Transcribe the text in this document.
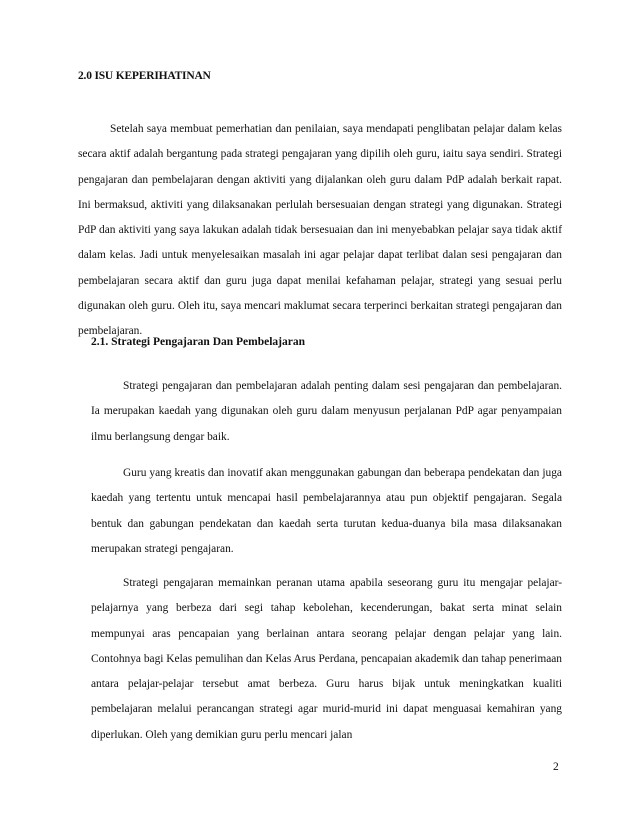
2.0 ISU KEPERIHATINAN

Setelah saya membuat pemerhatian dan penilaian, saya mendapati penglibatan pelajar dalam kelas secara aktif adalah bergantung pada strategi pengajaran yang dipilih oleh guru, iaitu saya sendiri. Strategi pengajaran dan pembelajaran dengan aktiviti yang dijalankan oleh guru dalam PdP adalah berkait rapat. Ini bermaksud, aktiviti yang dilaksanakan perlulah bersesuaian dengan strategi yang digunakan. Strategi PdP dan aktiviti yang saya lakukan adalah tidak bersesuaian dan ini menyebabkan pelajar saya tidak aktif dalam kelas. Jadi untuk menyelesaikan masalah ini agar pelajar dapat terlibat dalan sesi pengajaran dan pembelajaran secara aktif dan guru juga dapat menilai kefahaman pelajar, strategi yang sesuai perlu digunakan oleh guru. Oleh itu, saya mencari maklumat secara terperinci berkaitan strategi pengajaran dan pembelajaran.

2.1. Strategi Pengajaran Dan Pembelajaran

Strategi pengajaran dan pembelajaran adalah penting dalam sesi pengajaran dan pembelajaran. Ia merupakan kaedah yang digunakan oleh guru dalam menyusun perjalanan PdP agar penyampaian ilmu berlangsung dengar baik.

Guru yang kreatis dan inovatif akan menggunakan gabungan dan beberapa pendekatan dan juga kaedah yang tertentu untuk mencapai hasil pembelajarannya atau pun objektif pengajaran. Segala bentuk dan gabungan pendekatan dan kaedah serta turutan kedua-duanya bila masa dilaksanakan merupakan strategi pengajaran.

Strategi pengajaran memainkan peranan utama apabila seseorang guru itu mengajar pelajar-pelajarnya yang berbeza dari segi tahap kebolehan, kecenderungan, bakat serta minat selain mempunyai aras pencapaian yang berlainan antara seorang pelajar dengan pelajar yang lain. Contohnya bagi Kelas pemulihan dan Kelas Arus Perdana, pencapaian akademik dan tahap penerimaan antara pelajar-pelajar tersebut amat berbeza. Guru harus bijak untuk meningkatkan kualiti pembelajaran melalui perancangan strategi agar murid-murid ini dapat menguasai kemahiran yang diperlukan. Oleh yang demikian guru perlu mencari jalan

2
